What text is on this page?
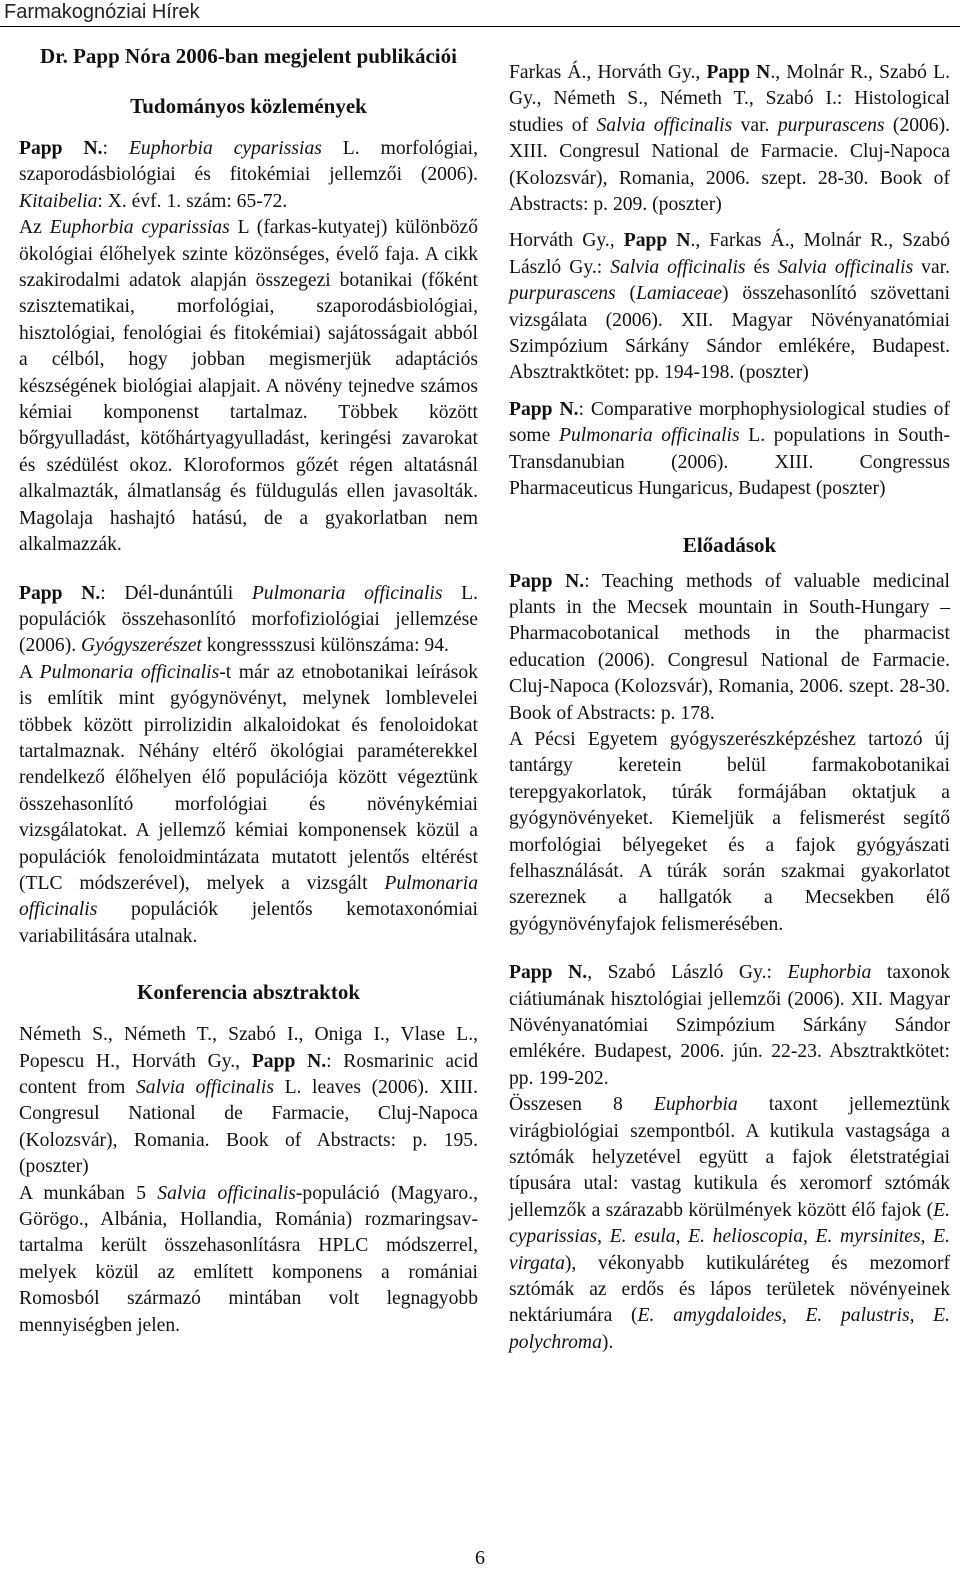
Farmakognóziai Hírek
Dr. Papp Nóra 2006-ban megjelent publikációi
Tudományos közlemények

Papp N.: Euphorbia cyparissias L. morfológiai, szaporodásbiológiai és fitokémiai jellemzői (2006). Kitaibelia: X. évf. 1. szám: 65-72.

Az Euphorbia cyparissias L (farkas-kutyatej) különböző ökológiai élőhelyek szinte közönséges, évelő faja. A cikk szakirodalmi adatok alapján összegezi botanikai (főként szisztematikai, morfológiai, szaporodásbiológiai, hisztológiai, fenológiai és fitokémiai) sajátosságait abból a célból, hogy jobban megismerjük adaptációs készségének biológiai alapjait. A növény tejnedve számos kémiai komponenst tartalmaz. Többek között bőrgyulladást, kötőhártyagyulladást, keringési zavarokat és szédülést okoz. Kloroformos gőzét régen altatásnál alkalmazták, álmatlanság és füldugulás ellen javasolták. Magolaja hashajtó hatású, de a gyakorlatban nem alkalmazzák.

Papp N.: Dél-dunántúli Pulmonaria officinalis L. populációk összehasonlító morfofiziológiai jellemzése (2006). Gyógyszerészet kongressszusi különszáma: 94.

A Pulmonaria officinalis-t már az etnobotanikai leírások is említik mint gyógynövényt, melynek lomblevelei többek között pirrolizidin alkaloidokat és fenoloidokat tartalmaznak. Néhány eltérő ökológiai paraméterekkel rendelkező élőhelyen élő populációja között végeztünk összehasonlító morfológiai és növénykémiai vizsgálatokat. A jellemző kémiai komponensek közül a populációk fenoloidmintázata mutatott jelentős eltérést (TLC módszerével), melyek a vizsgált Pulmonaria officinalis populációk jelentős kemotaxonómiai variabilitására utalnak.

Konferencia absztraktok

Németh S., Németh T., Szabó I., Oniga I., Vlase L., Popescu H., Horváth Gy., Papp N.: Rosmarinic acid content from Salvia officinalis L. leaves (2006). XIII. Congresul National de Farmacie, Cluj-Napoca (Kolozsvár), Romania. Book of Abstracts: p. 195. (poszter)

A munkában 5 Salvia officinalis-populáció (Magyaro., Görögo., Albánia, Hollandia, Románia) rozmaringsav-tartalma került összehasonlításra HPLC módszerrel, melyek közül az említett komponens a romániai Romosból származó mintában volt legnagyobb mennyiségben jelen.

Farkas Á., Horváth Gy., Papp N., Molnár R., Szabó L. Gy., Németh S., Németh T., Szabó I.: Histological studies of Salvia officinalis var. purpurascens (2006). XIII. Congresul National de Farmacie. Cluj-Napoca (Kolozsvár), Romania, 2006. szept. 28-30. Book of Abstracts: p. 209. (poszter)

Horváth Gy., Papp N., Farkas Á., Molnár R., Szabó László Gy.: Salvia officinalis és Salvia officinalis var. purpurascens (Lamiaceae) összehasonlító szövettani vizsgálata (2006). XII. Magyar Növényanatómiai Szimpózium Sárkány Sándor emlékére, Budapest. Absztraktkötet: pp. 194-198. (poszter)

Papp N.: Comparative morphophysiological studies of some Pulmonaria officinalis L. populations in South-Transdanubian (2006). XIII. Congressus Pharmaceuticus Hungaricus, Budapest (poszter)

Előadások

Papp N.: Teaching methods of valuable medicinal plants in the Mecsek mountain in South-Hungary – Pharmacobotanical methods in the pharmacist education (2006). Congresul National de Farmacie. Cluj-Napoca (Kolozsvár), Romania, 2006. szept. 28-30. Book of Abstracts: p. 178.

A Pécsi Egyetem gyógyszerészképzéshez tartozó új tantárgy keretein belül farmakobotanikai terepgyakorlatok, túrák formájában oktatjuk a gyógynövényeket. Kiemeljük a felismerést segítő morfológiai bélyegeket és a fajok gyógyászati felhasználását. A túrák során szakmai gyakorlatot szereznek a hallgatók a Mecsekben élő gyógynövényfajok felismerésében.

Papp N., Szabó László Gy.: Euphorbia taxonok ciátiumának hisztológiai jellemzői (2006). XII. Magyar Növényanatómiai Szimpózium Sárkány Sándor emlékére. Budapest, 2006. jún. 22-23. Absztraktkötet: pp. 199-202.

Összesen 8 Euphorbia taxont jellemeztünk virágbiológiai szempontból. A kutikula vastagsága a sztómák helyzetével együtt a fajok életstratégiai típusára utal: vastag kutikula és xeromorf sztómák jellemzők a szárazabb körülmények között élő fajok (E. cyparissias, E. esula, E. helioscopia, E. myrsinites, E. virgata), vékonyabb kutikuláréteg és mezomorf sztómák az erdős és lápos területek növényeinek nektáriumára (E. amygdaloides, E. palustris, E. polychroma).

6
